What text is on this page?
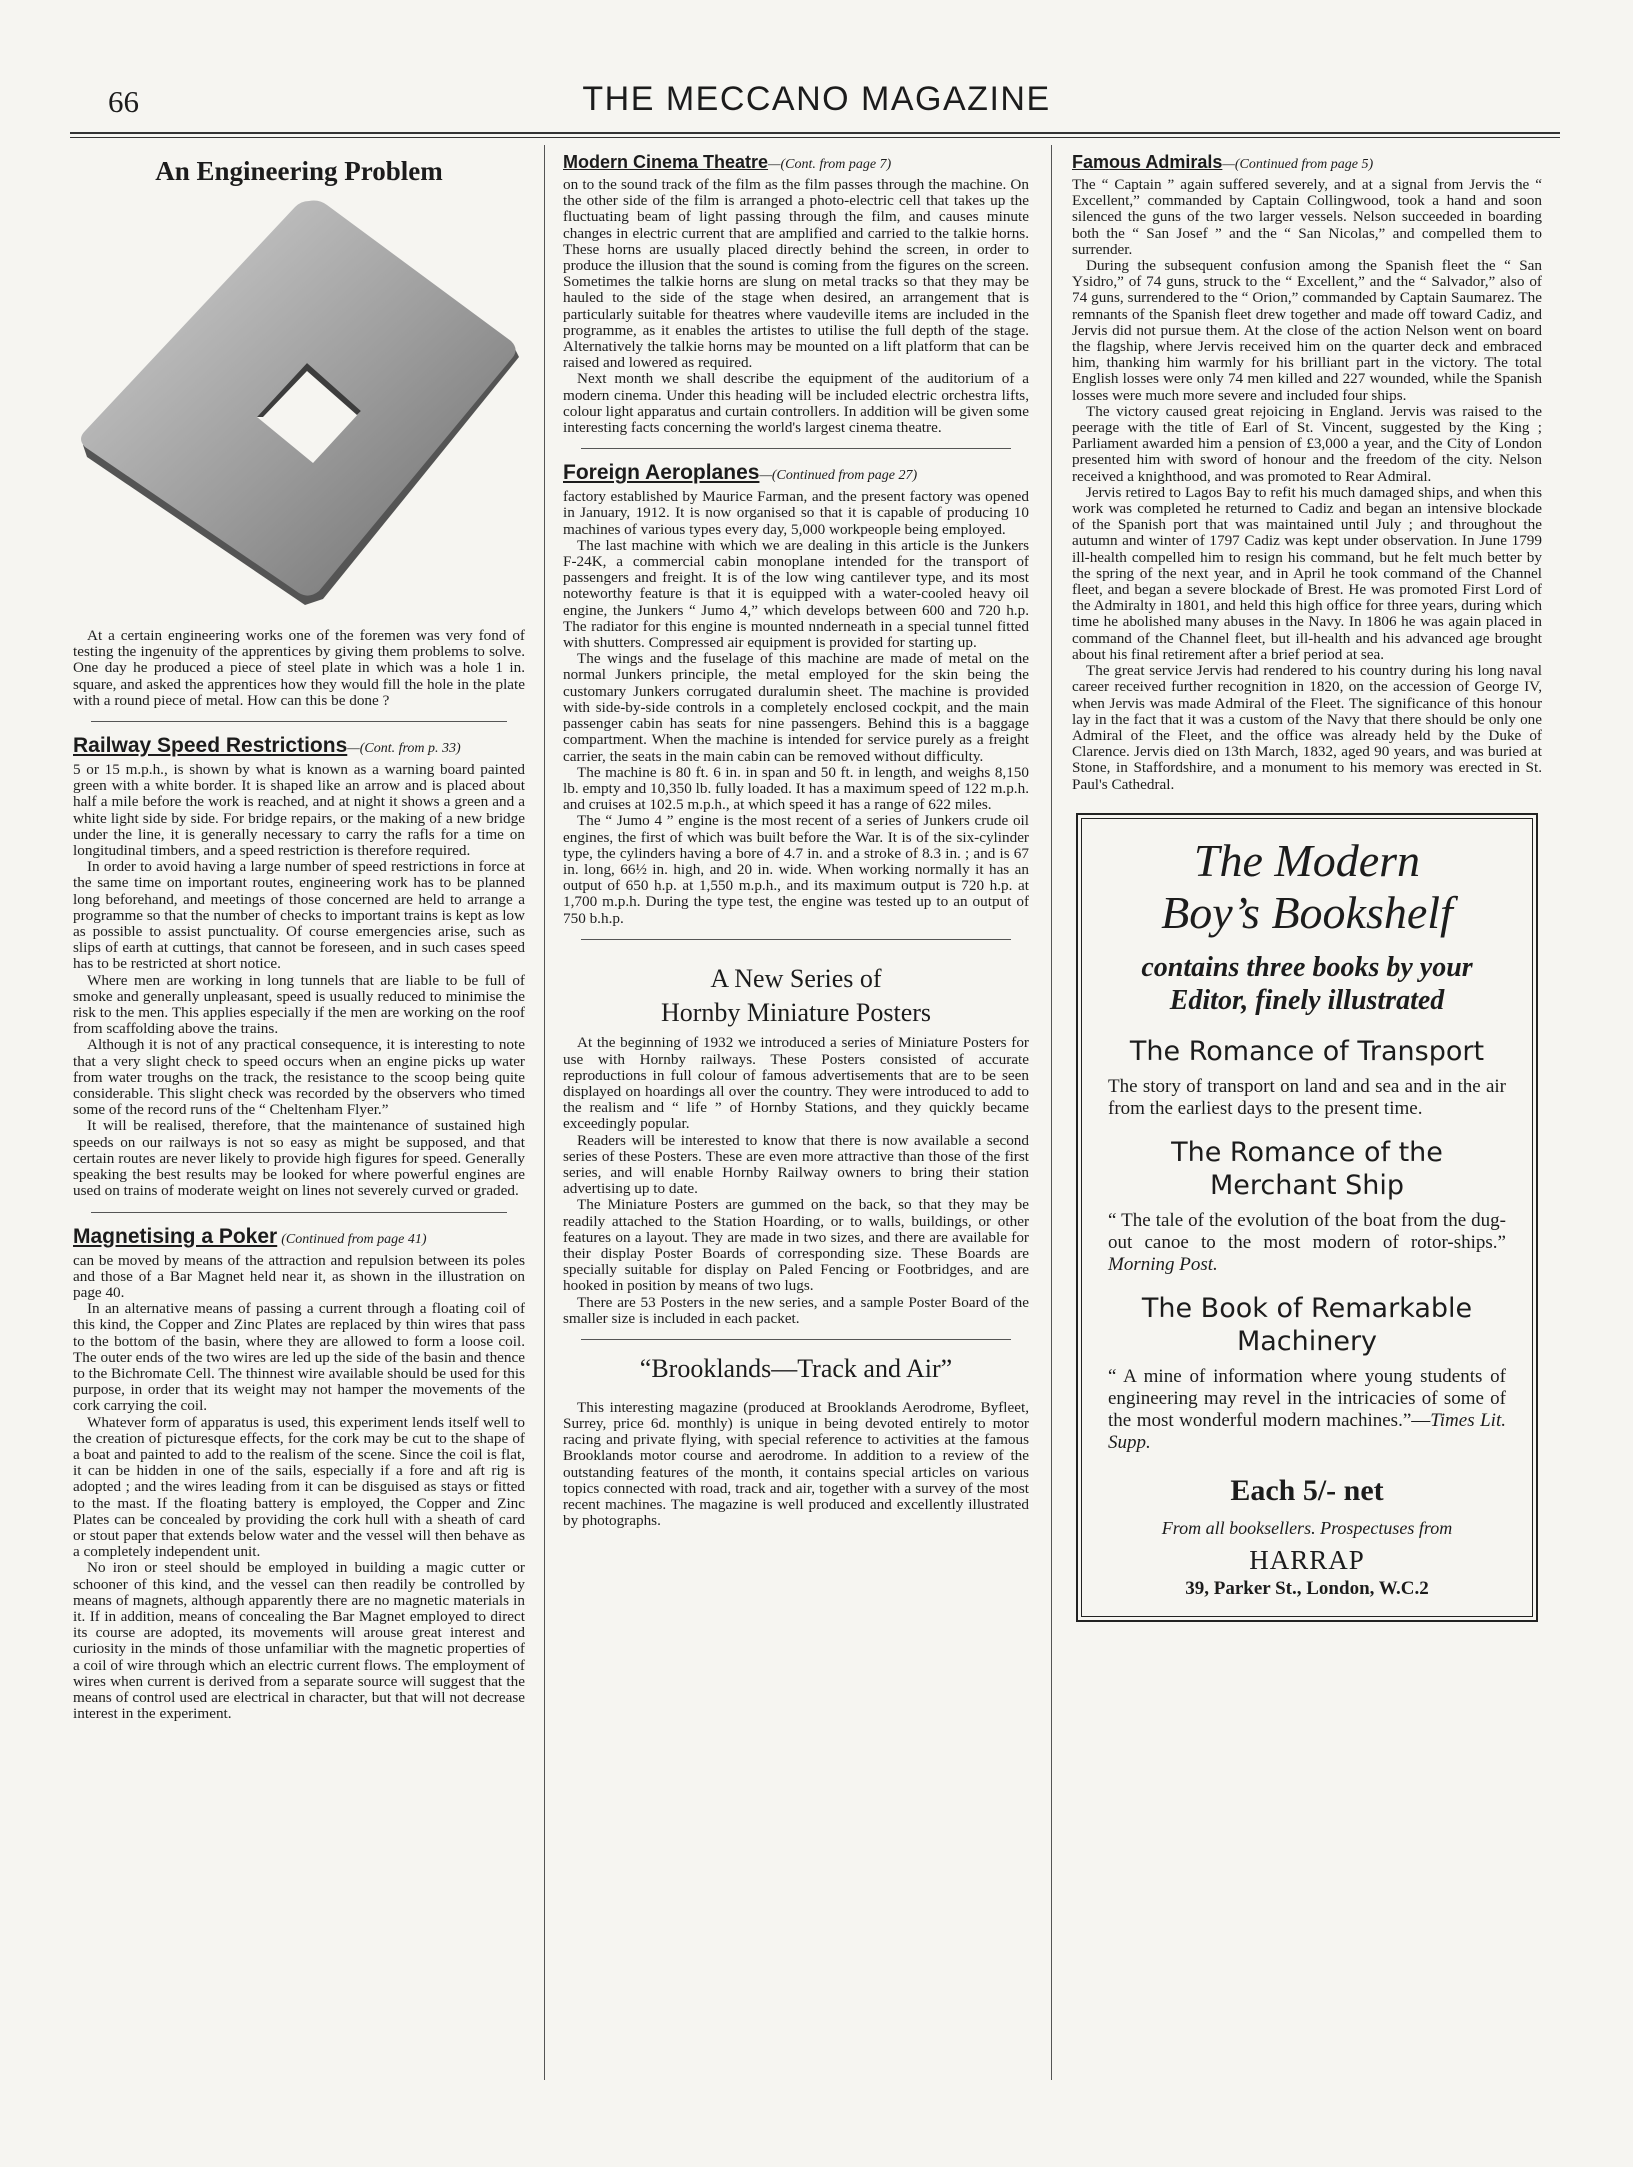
66	THE MECCANO MAGAZINE
An Engineering Problem

At a certain engineering works one of the foremen was very fond of testing the ingenuity of the apprentices by giving them problems to solve. One day he produced a piece of steel plate in which was a hole 1 in. square, and asked the apprentices how they would fill the hole in the plate with a round piece of metal. How can this be done ?

Railway Speed Restrictions—(Cont. from p. 33)

5 or 15 m.p.h., is shown by what is known as a warning board painted green with a white border. It is shaped like an arrow and is placed about half a mile before the work is reached, and at night it shows a green and a white light side by side. For bridge repairs, or the making of a new bridge under the line, it is generally necessary to carry the rafls for a time on longitudinal timbers, and a speed restriction is therefore required.

In order to avoid having a large number of speed restrictions in force at the same time on important routes, engineering work has to be planned long beforehand, and meetings of those concerned are held to arrange a programme so that the number of checks to important trains is kept as low as possible to assist punctuality. Of course emergencies arise, such as slips of earth at cuttings, that cannot be foreseen, and in such cases speed has to be restricted at short notice.

Where men are working in long tunnels that are liable to be full of smoke and generally unpleasant, speed is usually reduced to minimise the risk to the men. This applies especially if the men are working on the roof from scaffolding above the trains.

Although it is not of any practical consequence, it is interesting to note that a very slight check to speed occurs when an engine picks up water from water troughs on the track, the resistance to the scoop being quite considerable. This slight check was recorded by the observers who timed some of the record runs of the “ Cheltenham Flyer.”

It will be realised, therefore, that the maintenance of sustained high speeds on our railways is not so easy as might be supposed, and that certain routes are never likely to provide high figures for speed. Generally speaking the best results may be looked for where powerful engines are used on trains of moderate weight on lines not severely curved or graded.

Magnetising a Poker (Continued from page 41)

can be moved by means of the attraction and repulsion between its poles and those of a Bar Magnet held near it, as shown in the illustration on page 40.

In an alternative means of passing a current through a floating coil of this kind, the Copper and Zinc Plates are replaced by thin wires that pass to the bottom of the basin, where they are allowed to form a loose coil. The outer ends of the two wires are led up the side of the basin and thence to the Bichromate Cell. The thinnest wire available should be used for this purpose, in order that its weight may not hamper the movements of the cork carrying the coil.

Whatever form of apparatus is used, this experiment lends itself well to the creation of picturesque effects, for the cork may be cut to the shape of a boat and painted to add to the realism of the scene. Since the coil is flat, it can be hidden in one of the sails, especially if a fore and aft rig is adopted ; and the wires leading from it can be disguised as stays or fitted to the mast. If the floating battery is employed, the Copper and Zinc Plates can be concealed by providing the cork hull with a sheath of card or stout paper that extends below water and the vessel will then behave as a completely independent unit.

No iron or steel should be employed in building a magic cutter or schooner of this kind, and the vessel can then readily be controlled by means of magnets, although apparently there are no magnetic materials in it. If in addition, means of concealing the Bar Magnet employed to direct its course are adopted, its movements will arouse great interest and curiosity in the minds of those unfamiliar with the magnetic properties of a coil of wire through which an electric current flows. The employment of wires when current is derived from a separate source will suggest that the means of control used are electrical in character, but that will not decrease interest in the experiment.

Modern Cinema Theatre—(Cont. from page 7)

on to the sound track of the film as the film passes through the machine. On the other side of the film is arranged a photo-electric cell that takes up the fluctuating beam of light passing through the film, and causes minute changes in electric current that are amplified and carried to the talkie horns. These horns are usually placed directly behind the screen, in order to produce the illusion that the sound is coming from the figures on the screen. Sometimes the talkie horns are slung on metal tracks so that they may be hauled to the side of the stage when desired, an arrangement that is particularly suitable for theatres where vaudeville items are included in the programme, as it enables the artistes to utilise the full depth of the stage. Alternatively the talkie horns may be mounted on a lift platform that can be raised and lowered as required.

Next month we shall describe the equipment of the auditorium of a modern cinema. Under this heading will be included electric orchestra lifts, colour light apparatus and curtain controllers. In addition will be given some interesting facts concerning the world's largest cinema theatre.

Foreign Aeroplanes—(Continued from page 27)

factory established by Maurice Farman, and the present factory was opened in January, 1912. It is now organised so that it is capable of producing 10 machines of various types every day, 5,000 workpeople being employed.

The last machine with which we are dealing in this article is the Junkers F-24K, a commercial cabin monoplane intended for the transport of passengers and freight. It is of the low wing cantilever type, and its most noteworthy feature is that it is equipped with a water-cooled heavy oil engine, the Junkers “ Jumo 4,” which develops between 600 and 720 h.p. The radiator for this engine is mounted nnderneath in a special tunnel fitted with shutters. Compressed air equipment is provided for starting up.

The wings and the fuselage of this machine are made of metal on the normal Junkers principle, the metal employed for the skin being the customary Junkers corrugated duralumin sheet. The machine is provided with side-by-side controls in a completely enclosed cockpit, and the main passenger cabin has seats for nine passengers. Behind this is a baggage compartment. When the machine is intended for service purely as a freight carrier, the seats in the main cabin can be removed without difficulty.

The machine is 80 ft. 6 in. in span and 50 ft. in length, and weighs 8,150 lb. empty and 10,350 lb. fully loaded. It has a maximum speed of 122 m.p.h. and cruises at 102.5 m.p.h., at which speed it has a range of 622 miles.

The “ Jumo 4 ” engine is the most recent of a series of Junkers crude oil engines, the first of which was built before the War. It is of the six-cylinder type, the cylinders having a bore of 4.7 in. and a stroke of 8.3 in. ; and is 67 in. long, 66½ in. high, and 20 in. wide. When working normally it has an output of 650 h.p. at 1,550 m.p.h., and its maximum output is 720 h.p. at 1,700 m.p.h. During the type test, the engine was tested up to an output of 750 b.h.p.

A New Series of
Hornby Miniature Posters

At the beginning of 1932 we introduced a series of Miniature Posters for use with Hornby railways. These Posters consisted of accurate reproductions in full colour of famous advertisements that are to be seen displayed on hoardings all over the country. They were introduced to add to the realism and “ life ” of Hornby Stations, and they quickly became exceedingly popular.

Readers will be interested to know that there is now available a second series of these Posters. These are even more attractive than those of the first series, and will enable Hornby Railway owners to bring their station advertising up to date.

The Miniature Posters are gummed on the back, so that they may be readily attached to the Station Hoarding, or to walls, buildings, or other features on a layout. They are made in two sizes, and there are available for their display Poster Boards of corresponding size. These Boards are specially suitable for display on Paled Fencing or Footbridges, and are hooked in position by means of two lugs.

There are 53 Posters in the new series, and a sample Poster Board of the smaller size is included in each packet.

“Brooklands—Track and Air”

This interesting magazine (produced at Brooklands Aerodrome, Byfleet, Surrey, price 6d. monthly) is unique in being devoted entirely to motor racing and private flying, with special reference to activities at the famous Brooklands motor course and aerodrome. In addition to a review of the outstanding features of the month, it contains special articles on various topics connected with road, track and air, together with a survey of the most recent machines. The magazine is well produced and excellently illustrated by photographs.

Famous Admirals—(Continued from page 5)

The “ Captain ” again suffered severely, and at a signal from Jervis the “ Excellent,” commanded by Captain Collingwood, took a hand and soon silenced the guns of the two larger vessels. Nelson succeeded in boarding both the “ San Josef ” and the “ San Nicolas,” and compelled them to surrender.

During the subsequent confusion among the Spanish fleet the “ San Ysidro,” of 74 guns, struck to the “ Excellent,” and the “ Salvador,” also of 74 guns, surrendered to the “ Orion,” commanded by Captain Saumarez. The remnants of the Spanish fleet drew together and made off toward Cadiz, and Jervis did not pursue them. At the close of the action Nelson went on board the flagship, where Jervis received him on the quarter deck and embraced him, thanking him warmly for his brilliant part in the victory. The total English losses were only 74 men killed and 227 wounded, while the Spanish losses were much more severe and included four ships.

The victory caused great rejoicing in England. Jervis was raised to the peerage with the title of Earl of St. Vincent, suggested by the King ; Parliament awarded him a pension of £3,000 a year, and the City of London presented him with sword of honour and the freedom of the city. Nelson received a knighthood, and was promoted to Rear Admiral.

Jervis retired to Lagos Bay to refit his much damaged ships, and when this work was completed he returned to Cadiz and began an intensive blockade of the Spanish port that was maintained until July ; and throughout the autumn and winter of 1797 Cadiz was kept under observation. In June 1799 ill-health compelled him to resign his command, but he felt much better by the spring of the next year, and in April he took command of the Channel fleet, and began a severe blockade of Brest. He was promoted First Lord of the Admiralty in 1801, and held this high office for three years, during which time he abolished many abuses in the Navy. In 1806 he was again placed in command of the Channel fleet, but ill-health and his advanced age brought about his final retirement after a brief period at sea.

The great service Jervis had rendered to his country during his long naval career received further recognition in 1820, on the accession of George IV, when Jervis was made Admiral of the Fleet. The significance of this honour lay in the fact that it was a custom of the Navy that there should be only one Admiral of the Fleet, and the office was already held by the Duke of Clarence. Jervis died on 13th March, 1832, aged 90 years, and was buried at Stone, in Staffordshire, and a monument to his memory was erected in St. Paul's Cathedral.

The Modern
Boy’s Bookshelf
contains three books by your Editor, finely illustrated
The Romance of Transport
The story of transport on land and sea and in the air from the earliest days to the present time.
The Romance of the Merchant Ship
“ The tale of the evolution of the boat from the dug-out canoe to the most modern of rotor-ships.” Morning Post.
The Book of Remarkable Machinery
“ A mine of information where young students of engineering may revel in the intricacies of some of the most wonderful modern machines.”—Times Lit. Supp.
Each 5/- net
From all booksellers. Prospectuses from
HARRAP
39, Parker St., London, W.C.2
